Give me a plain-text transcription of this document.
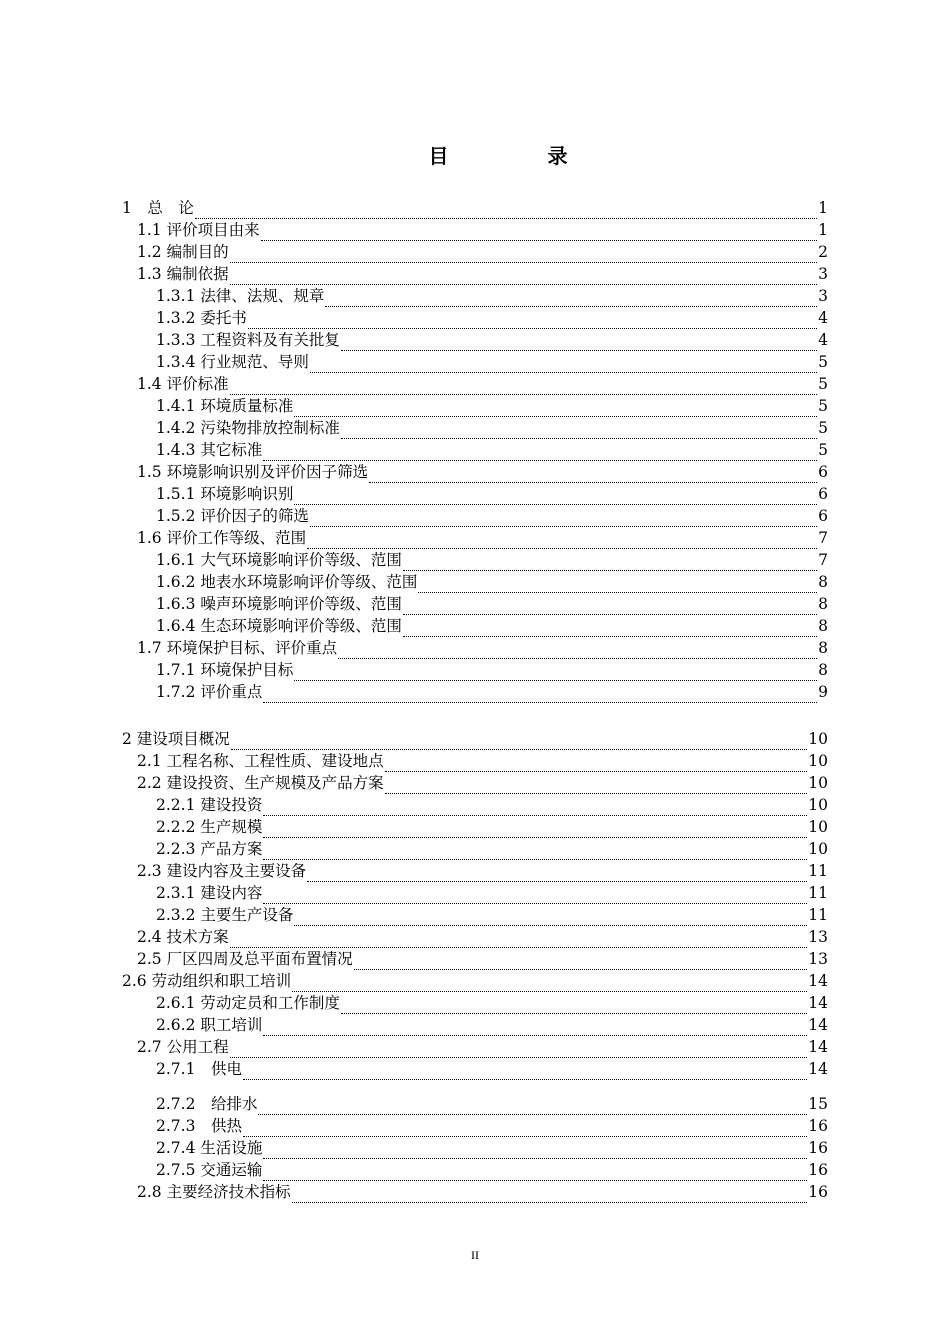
目 录
1　总　论	1
1.1 评价项目由来	1
1.2 编制目的	2
1.3 编制依据	3
1.3.1 法律、法规、规章	3
1.3.2 委托书	4
1.3.3 工程资料及有关批复	4
1.3.4 行业规范、导则	5
1.4 评价标准	5
1.4.1 环境质量标准	5
1.4.2 污染物排放控制标准	5
1.4.3 其它标准	5
1.5 环境影响识别及评价因子筛选	6
1.5.1 环境影响识别	6
1.5.2 评价因子的筛选	6
1.6 评价工作等级、范围	7
1.6.1 大气环境影响评价等级、范围	7
1.6.2 地表水环境影响评价等级、范围	8
1.6.3 噪声环境影响评价等级、范围	8
1.6.4 生态环境影响评价等级、范围	8
1.7 环境保护目标、评价重点	8
1.7.1 环境保护目标	8
1.7.2 评价重点	9
2 建设项目概况	10
2.1 工程名称、工程性质、建设地点	10
2.2 建设投资、生产规模及产品方案	10
2.2.1 建设投资	10
2.2.2 生产规模	10
2.2.3 产品方案	10
2.3 建设内容及主要设备	11
2.3.1 建设内容	11
2.3.2 主要生产设备	11
2.4 技术方案	13
2.5 厂区四周及总平面布置情况	13
2.6 劳动组织和职工培训	14
2.6.1 劳动定员和工作制度	14
2.6.2 职工培训	14
2.7 公用工程	14
2.7.1　供电	14
2.7.2　给排水	15
2.7.3　供热	16
2.7.4 生活设施	16
2.7.5 交通运输	16
2.8 主要经济技术指标	16
II
